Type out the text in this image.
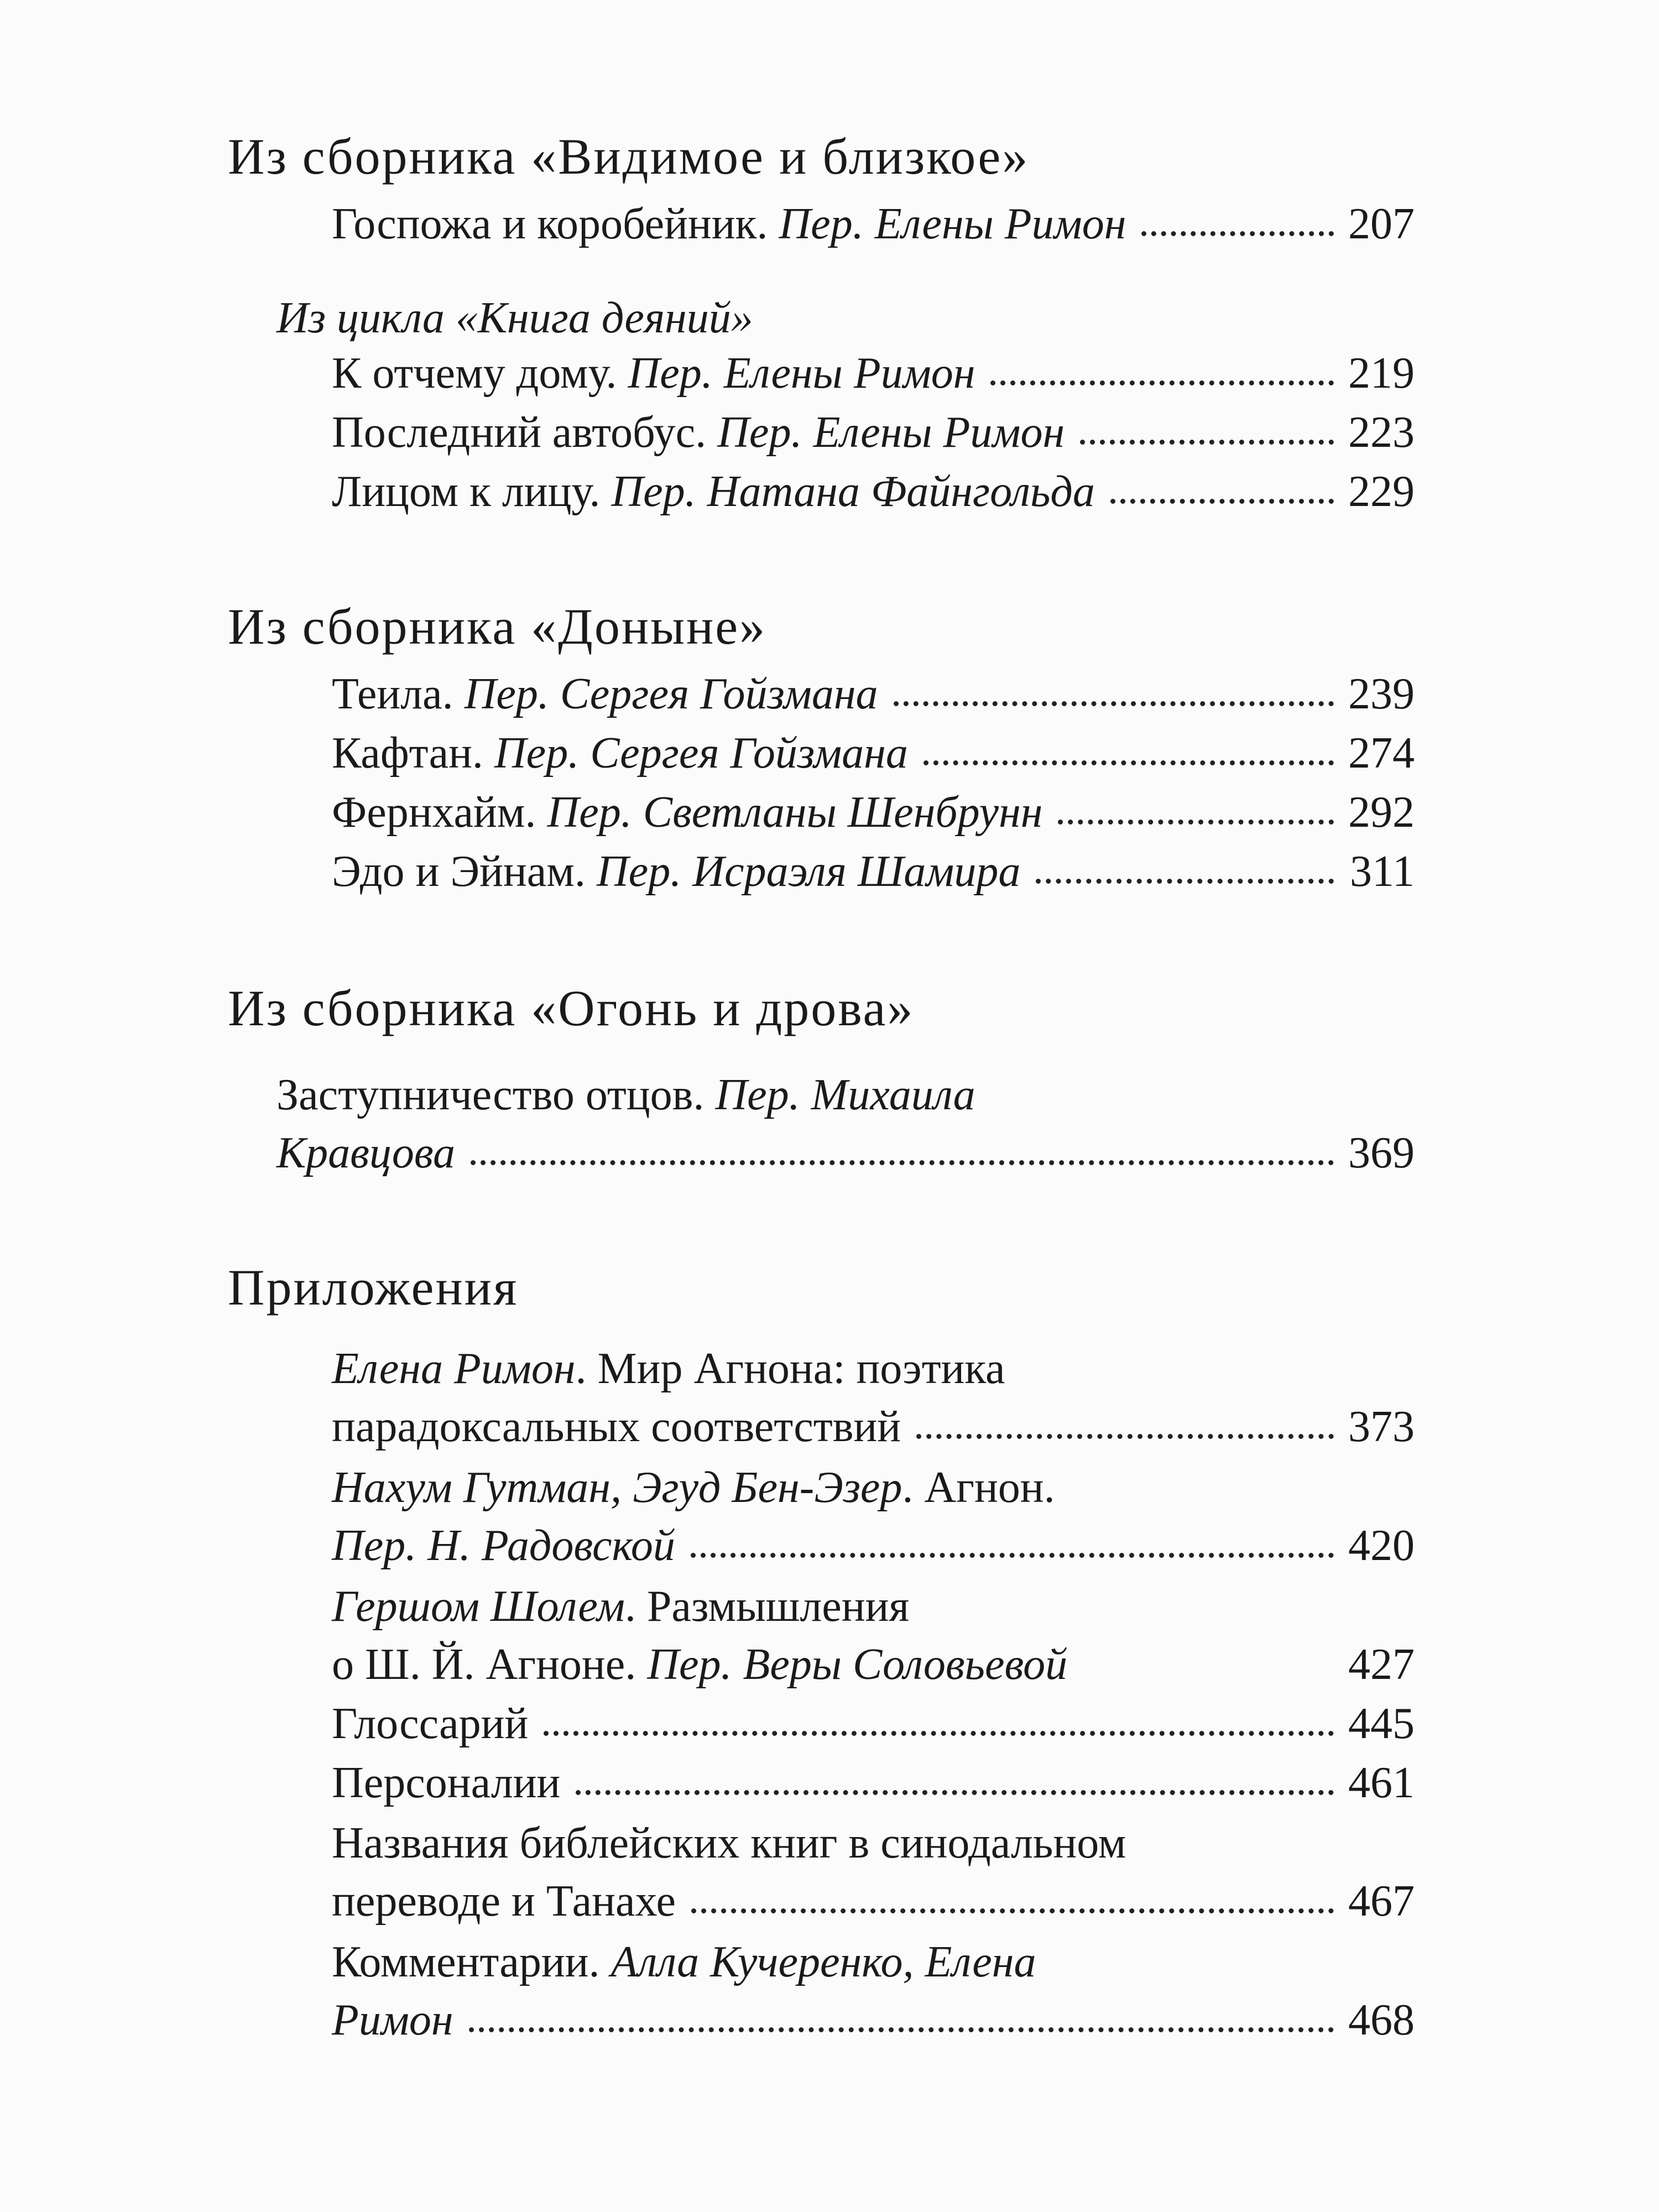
Из сборника «Видимое и близкое»
Госпожа и коробейник. Пер. Елены Римон	207
Из цикла «Книга деяний»
К отчему дому. Пер. Елены Римон	219
Последний автобус. Пер. Елены Римон	223
Лицом к лицу. Пер. Натана Файнгольда	229
Из сборника «Доныне»
Теила. Пер. Сергея Гойзмана	239
Кафтан. Пер. Сергея Гойзмана	274
Фернхайм. Пер. Светланы Шенбрунн	292
Эдо и Эйнам. Пер. Исраэля Шамира	311
Из сборника «Огонь и дрова»
Заступничество отцов. Пер. Михаила
Кравцова	369
Приложения
Елена Римон. Мир Агнона: поэтика
парадоксальных соответствий	373
Нахум Гутман, Эгуд Бен-Эзер. Агнон.
Пер. Н. Радовской	420
Гершом Шолем. Размышления
о Ш. Й. Агноне. Пер. Веры Соловьевой	427
Глоссарий	445
Персоналии	461
Названия библейских книг в синодальном
переводе и Танахе	467
Комментарии. Алла Кучеренко, Елена
Римон	468
